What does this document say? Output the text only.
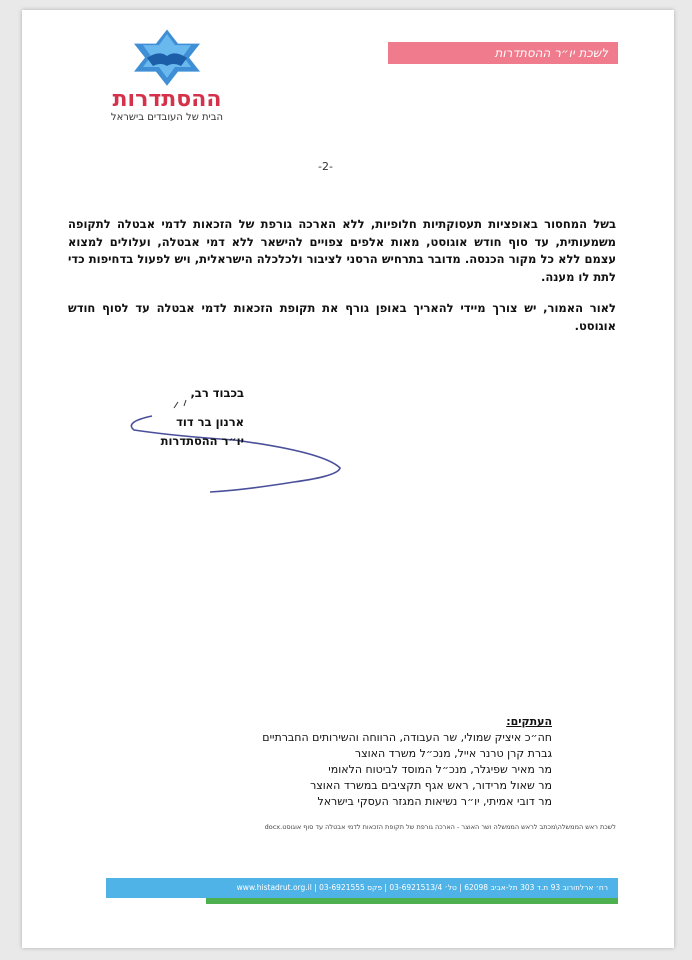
ההסתדרות
הבית של העובדים בישראל
לשכת יו״ר ההסתדרות
-2-

בשל המחסור באופציות תעסוקתיות חלופיות, ללא הארכה גורפת של הזכאות לדמי אבטלה לתקופה משמעותית, עד סוף חודש אוגוסט, מאות אלפים צפויים להישאר ללא דמי אבטלה, ועלולים למצוא עצמם ללא כל מקור הכנסה. מדובר בתרחיש הרסני לציבור ולכלכלה הישראלית, ויש לפעול בדחיפות כדי לתת לו מענה.

לאור האמור, יש צורך מיידי להאריך באופן גורף את תקופת הזכאות לדמי אבטלה עד לסוף חודש אוגוסט.

בכבוד רב,
ארנון בר דוד
יו״ר ההסתדרות
העתקים:
חה״כ איציק שמולי, שר העבודה, הרווחה והשירותים החברתיים
גברת קרן טרנר אייל, מנכ״ל משרד האוצר
מר מאיר שפיגלר, מנכ״ל המוסד לביטוח הלאומי
מר שאול מרידור, ראש אגף תקציבים במשרד האוצר
מר דובי אמיתי, יו״ר נשיאות המגזר העסקי בישראל
לשכת ראש הממשלה\מכתב לראש הממשלה ושר האוצר - הארכה גורפת של תקופת הזכאות לדמי אבטלה עד סוף אוגוסט.docx
רח׳ ארלוזורוב 93 ת.ד 303 תל-אביב 62098 | טל׳ 03-6921513/4 | פקס 03-6921555 | www.histadrut.org.il
